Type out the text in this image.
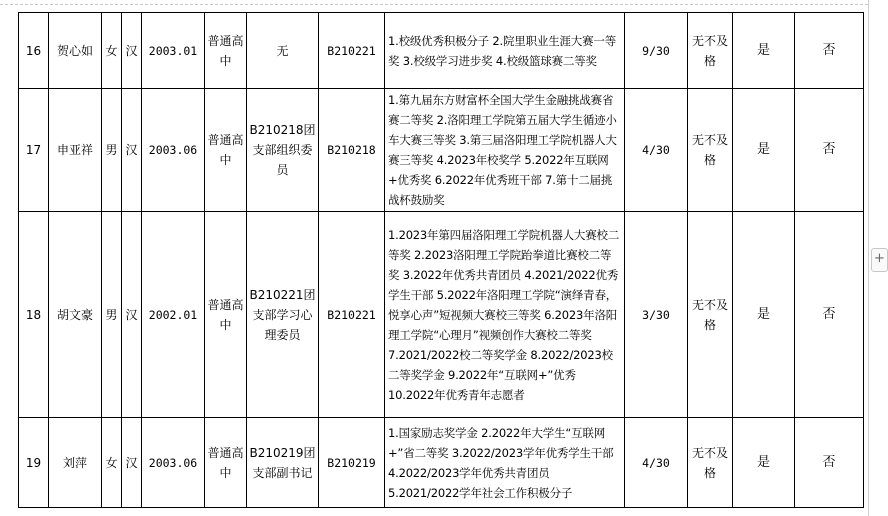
+
16	贺心如	女	汉	2003.01	普通高中	无	B210221	1.校级优秀积极分子 2.院里职业生涯大赛一等奖 3.校级学习进步奖 4.校级篮球赛二等奖	9/30	无不及格	是	否
17	申亚祥	男	汉	2003.06	普通高中	B210218团支部组织委员	B210218	1.第九届东方财富杯全国大学生金融挑战赛省赛二等奖 2.洛阳理工学院第五届大学生循迹小车大赛三等奖 3.第三届洛阳理工学院机器人大赛三等奖 4.2023年校奖学 5.2022年互联网+优秀奖 6.2022年优秀班干部 7.第十二届挑战杯鼓励奖	4/30	无不及格	是	否
18	胡文豪	男	汉	2002.01	普通高中	B210221团支部学习心理委员	B210221	1.2023年第四届洛阳理工学院机器人大赛校二等奖 2.2023洛阳理工学院跆拳道比赛校二等奖 3.2022年优秀共青团员 4.2021/2022优秀学生干部 5.2022年洛阳理工学院“演绎青春，悦享心声”短视频大赛校三等奖 6.2023年洛阳理工学院“心理月”视频创作大赛校二等奖 7.2021/2022校二等奖学金 8.2022/2023校二等奖学金 9.2022年“互联网+”优秀 10.2022年优秀青年志愿者	3/30	无不及格	是	否
19	刘萍	女	汉	2003.06	普通高中	B210219团支部副书记	B210219	1.国家励志奖学金 2.2022年大学生“互联网+”省二等奖 3.2022/2023学年优秀学生干部 4.2022/2023学年优秀共青团员 5.2021/2022学年社会工作积极分子	4/30	无不及格	是	否
